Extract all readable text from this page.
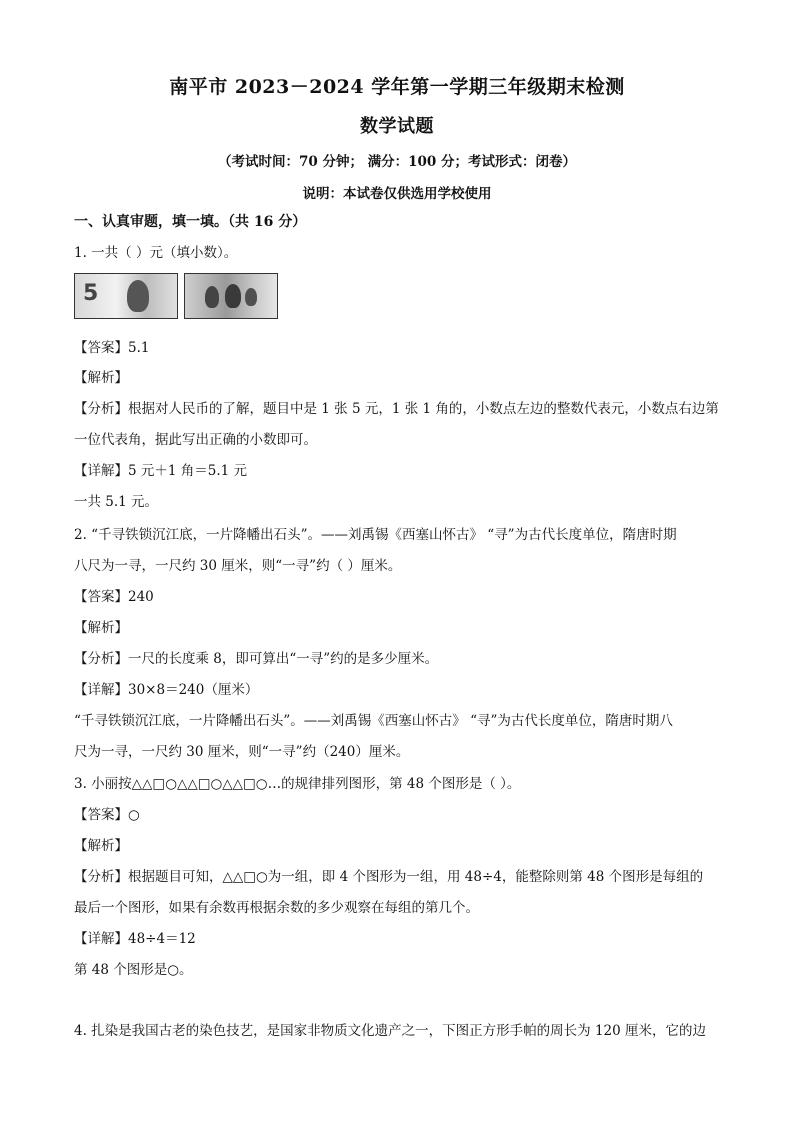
南平市 2023－2024 学年第一学期三年级期末检测
数学试题
（考试时间：70 分钟； 满分：100 分；考试形式：闭卷）
说明：本试卷仅供选用学校使用
一、认真审题，填一填。（共 16 分）
1. 一共（ ）元（填小数）。
5
【答案】5.1
【解析】
【分析】根据对人民币的了解，题目中是 1 张 5 元，1 张 1 角的，小数点左边的整数代表元，小数点右边第
一位代表角，据此写出正确的小数即可。
【详解】5 元＋1 角＝5.1 元
一共 5.1 元。
2. “千寻铁锁沉江底，一片降幡出石头”。——刘禹锡《西塞山怀古》 “寻”为古代长度单位，隋唐时期
八尺为一寻，一尺约 30 厘米，则“一寻”约（ ）厘米。
【答案】240
【解析】
【分析】一尺的长度乘 8，即可算出“一寻”约的是多少厘米。
【详解】30×8＝240（厘米）
“千寻铁锁沉江底，一片降幡出石头”。——刘禹锡《西塞山怀古》 “寻”为古代长度单位，隋唐时期八
尺为一寻，一尺约 30 厘米，则“一寻”约（240）厘米。
3. 小丽按△△□○△△□○△△□○…的规律排列图形，第 48 个图形是（ ）。
【答案】○
【解析】
【分析】根据题目可知，△△□○为一组，即 4 个图形为一组，用 48÷4，能整除则第 48 个图形是每组的
最后一个图形，如果有余数再根据余数的多少观察在每组的第几个。
【详解】48÷4＝12
第 48 个图形是○。
4. 扎染是我国古老的染色技艺，是国家非物质文化遗产之一，下图正方形手帕的周长为 120 厘米，它的边
